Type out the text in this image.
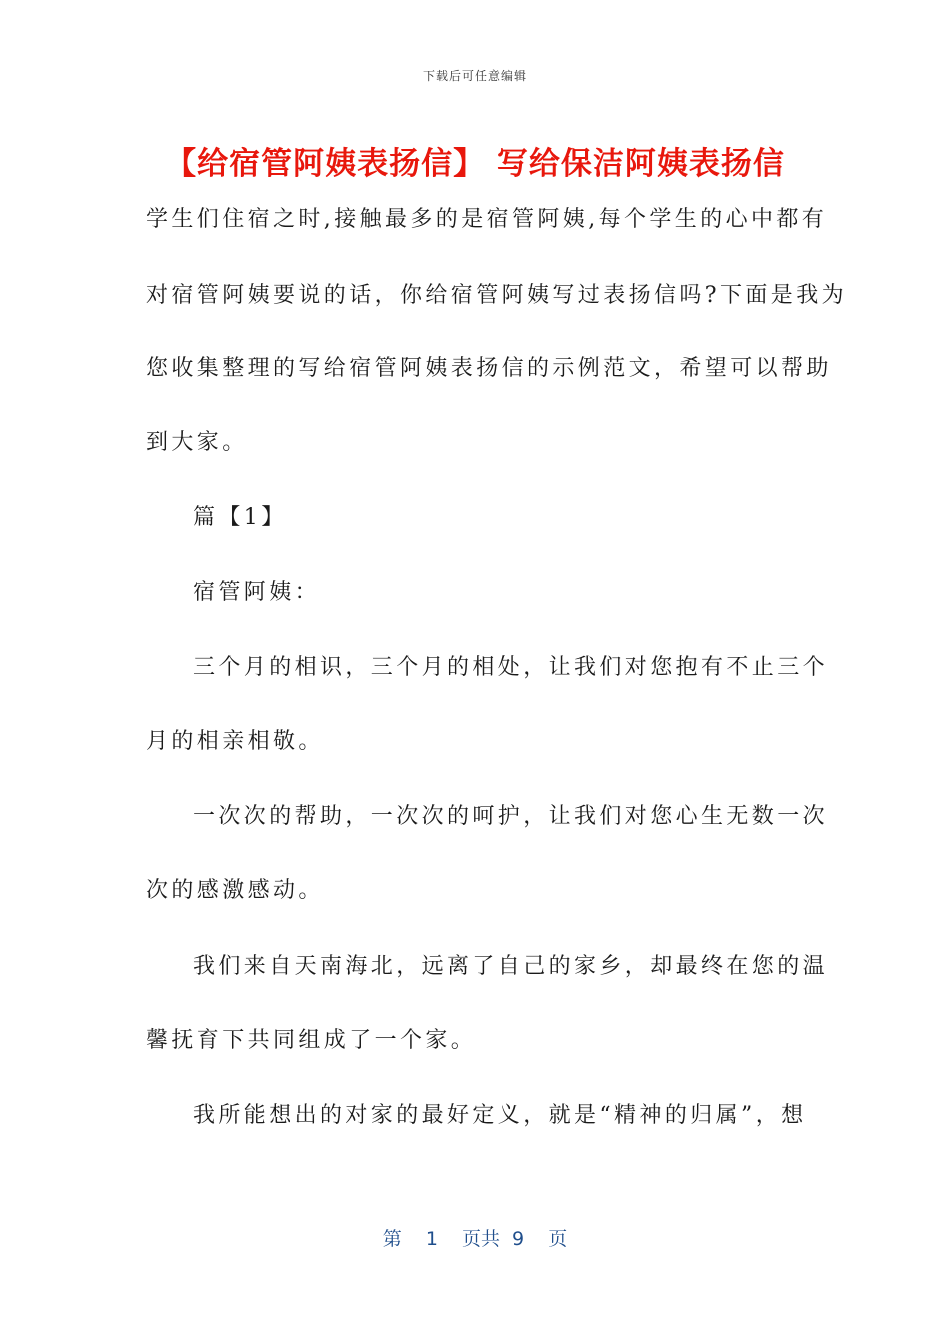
下载后可任意编辑
【给宿管阿姨表扬信】 写给保洁阿姨表扬信
学生们住宿之时,接触最多的是宿管阿姨,每个学生的心中都有
对宿管阿姨要说的话，你给宿管阿姨写过表扬信吗?下面是我为
您收集整理的写给宿管阿姨表扬信的示例范文，希望可以帮助
到大家。
篇【1】
宿管阿姨：
三个月的相识，三个月的相处，让我们对您抱有不止三个
月的相亲相敬。
一次次的帮助，一次次的呵护，让我们对您心生无数一次
次的感激感动。
我们来自天南海北，远离了自己的家乡，却最终在您的温
馨抚育下共同组成了一个家。
我所能想出的对家的最好定义，就是“精神的归属”，想
第  1  页共 9  页
